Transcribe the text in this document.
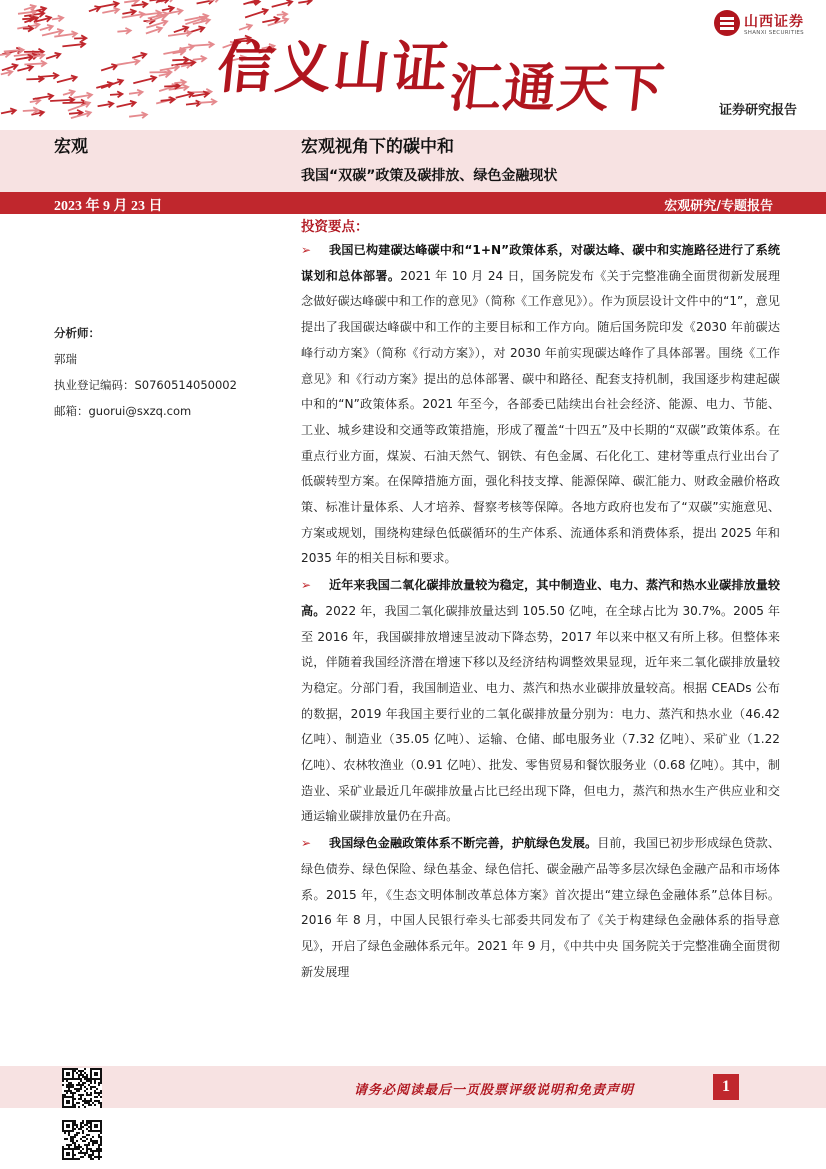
信义山证
汇通天下
山西证券
SHANXI SECURITIES
证券研究报告
宏观	宏观视角下的碳中和
我国“双碳”政策及碳排放、绿色金融现状
2023 年 9 月 23 日	宏观研究/专题报告
分析师：
郭瑞
执业登记编码：S0760514050002
邮箱：guorui@sxzq.com
投资要点：

➢ 我国已构建碳达峰碳中和“1+N”政策体系，对碳达峰、碳中和实施路径进行了系统谋划和总体部署。2021 年 10 月 24 日，国务院发布《关于完整准确全面贯彻新发展理念做好碳达峰碳中和工作的意见》（简称《工作意见》）。作为顶层设计文件中的“1”，意见提出了我国碳达峰碳中和工作的主要目标和工作方向。随后国务院印发《2030 年前碳达峰行动方案》（简称《行动方案》），对 2030 年前实现碳达峰作了具体部署。围绕《工作意见》和《行动方案》提出的总体部署、碳中和路径、配套支持机制，我国逐步构建起碳中和的“N”政策体系。2021 年至今，各部委已陆续出台社会经济、能源、电力、节能、工业、城乡建设和交通等政策措施，形成了覆盖“十四五”及中长期的“双碳”政策体系。在重点行业方面，煤炭、石油天然气、钢铁、有色金属、石化化工、建材等重点行业出台了低碳转型方案。在保障措施方面，强化科技支撑、能源保障、碳汇能力、财政金融价格政策、标准计量体系、人才培养、督察考核等保障。各地方政府也发布了“双碳”实施意见、方案或规划，围绕构建绿色低碳循环的生产体系、流通体系和消费体系，提出 2025 年和 2035 年的相关目标和要求。

➢ 近年来我国二氧化碳排放量较为稳定，其中制造业、电力、蒸汽和热水业碳排放量较高。2022 年，我国二氧化碳排放量达到 105.50 亿吨，在全球占比为 30.7%。2005 年至 2016 年，我国碳排放增速呈波动下降态势，2017 年以来中枢又有所上移。但整体来说，伴随着我国经济潜在增速下移以及经济结构调整效果显现，近年来二氧化碳排放量较为稳定。分部门看，我国制造业、电力、蒸汽和热水业碳排放量较高。根据 CEADs 公布的数据，2019 年我国主要行业的二氧化碳排放量分别为：电力、蒸汽和热水业（46.42 亿吨）、制造业（35.05 亿吨）、运输、仓储、邮电服务业（7.32 亿吨）、采矿业（1.22 亿吨）、农林牧渔业（0.91 亿吨）、批发、零售贸易和餐饮服务业（0.68 亿吨）。其中，制造业、采矿业最近几年碳排放量占比已经出现下降，但电力，蒸汽和热水生产供应业和交通运输业碳排放量仍在升高。

➢ 我国绿色金融政策体系不断完善，护航绿色发展。目前，我国已初步形成绿色贷款、绿色债券、绿色保险、绿色基金、绿色信托、碳金融产品等多层次绿色金融产品和市场体系。2015 年，《生态文明体制改革总体方案》首次提出“建立绿色金融体系”总体目标。2016 年 8 月，中国人民银行牵头七部委共同发布了《关于构建绿色金融体系的指导意见》，开启了绿色金融体系元年。2021 年 9 月，《中共中央 国务院关于完整准确全面贯彻新发展理

请务必阅读最后一页股票评级说明和免责声明	1
